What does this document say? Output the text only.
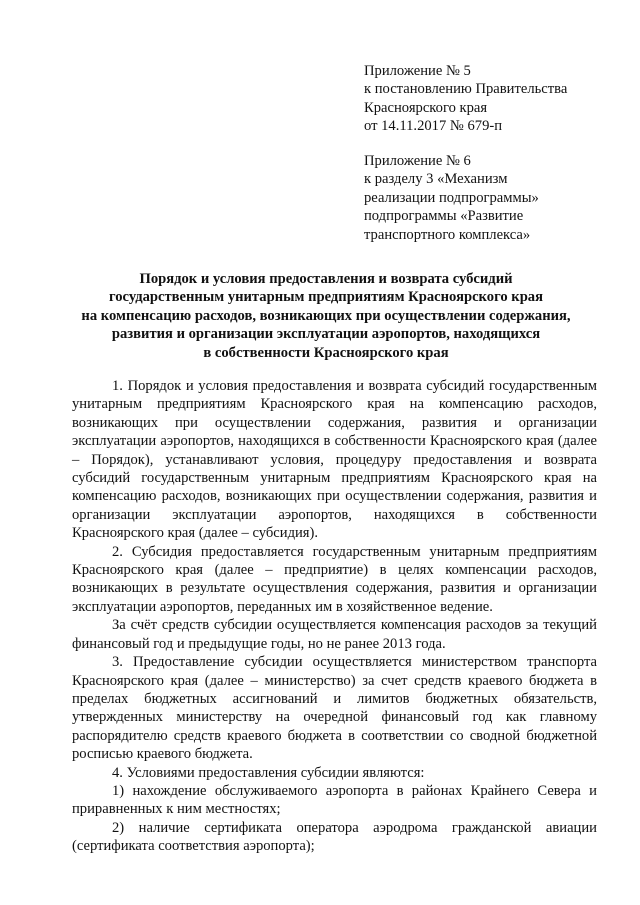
Приложение № 5
к постановлению Правительства
Красноярского края
от 14.11.2017 № 679-п
Приложение № 6
к разделу 3 «Механизм
реализации подпрограммы»
подпрограммы «Развитие
транспортного комплекса»
Порядок и условия предоставления и возврата субсидий
государственным унитарным предприятиям Красноярского края
на компенсацию расходов, возникающих при осуществлении содержания,
развития и организации эксплуатации аэропортов, находящихся
в собственности Красноярского края

1. Порядок и условия предоставления и возврата субсидий государственным унитарным предприятиям Красноярского края на компенсацию расходов, возникающих при осуществлении содержания, развития и организации эксплуатации аэропортов, находящихся в собственности Красноярского края (далее – Порядок), устанавливают условия, процедуру предоставления и возврата субсидий государственным унитарным предприятиям Красноярского края на компенсацию расходов, возникающих при осуществлении содержания, развития и организации эксплуатации аэропортов, находящихся в собственности Красноярского края (далее – субсидия).

2. Субсидия предоставляется государственным унитарным предприятиям Красноярского края (далее – предприятие) в целях компенсации расходов, возникающих в результате осуществления содержания, развития и организации эксплуатации аэропортов, переданных им в хозяйственное ведение.

За счёт средств субсидии осуществляется компенсация расходов за текущий финансовый год и предыдущие годы, но не ранее 2013 года.

3. Предоставление субсидии осуществляется министерством транспорта Красноярского края (далее – министерство) за счет средств краевого бюджета в пределах бюджетных ассигнований и лимитов бюджетных обязательств, утвержденных министерству на очередной финансовый год как главному распорядителю средств краевого бюджета в соответствии со сводной бюджетной росписью краевого бюджета.

4. Условиями предоставления субсидии являются:

1) нахождение обслуживаемого аэропорта в районах Крайнего Севера и приравненных к ним местностях;

2) наличие сертификата оператора аэродрома гражданской авиации (сертификата соответствия аэропорта);
